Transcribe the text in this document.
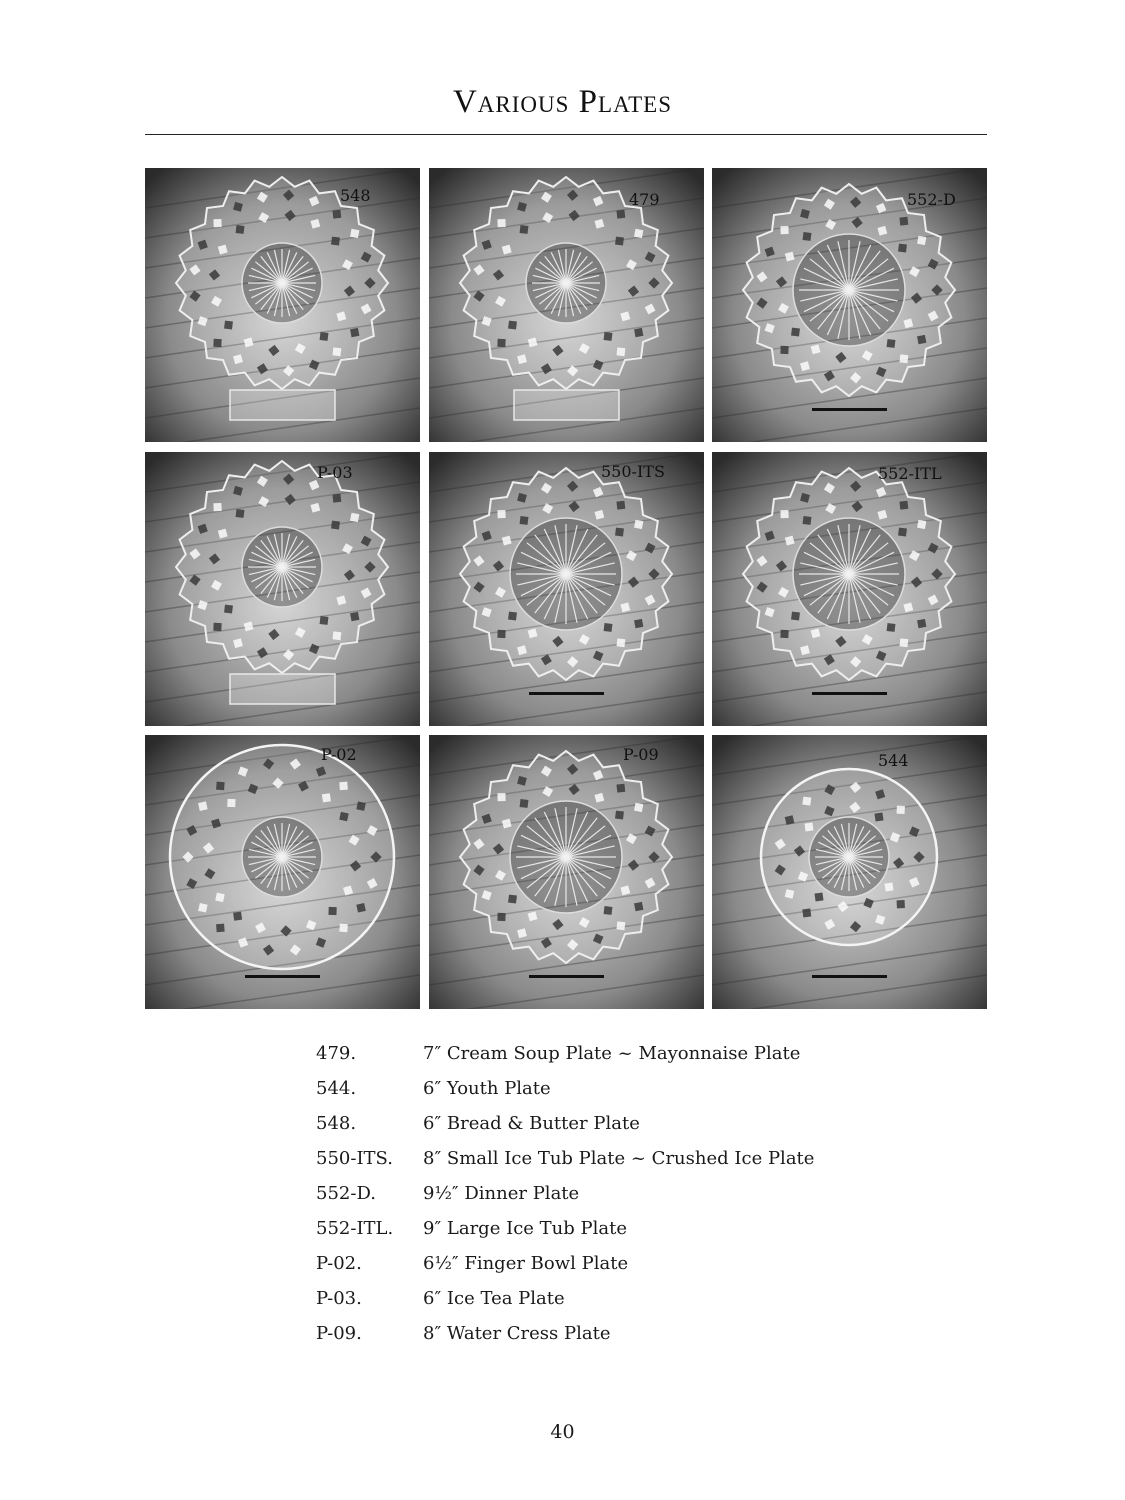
Various Plates
548	479	552-D
P-03	550-ITS	552-ITL
P-02	P-09	544
479.	7″ Cream Soup Plate ~ Mayonnaise Plate
544.	6″ Youth Plate
548.	6″ Bread & Butter Plate
550-ITS. 8″ Small Ice Tub Plate ~ Crushed Ice Plate
552-D.	9½″ Dinner Plate
552-ITL. 9″ Large Ice Tub Plate
P-02.	6½″ Finger Bowl Plate
P-03.	6″ Ice Tea Plate
P-09.	8″ Water Cress Plate
40
